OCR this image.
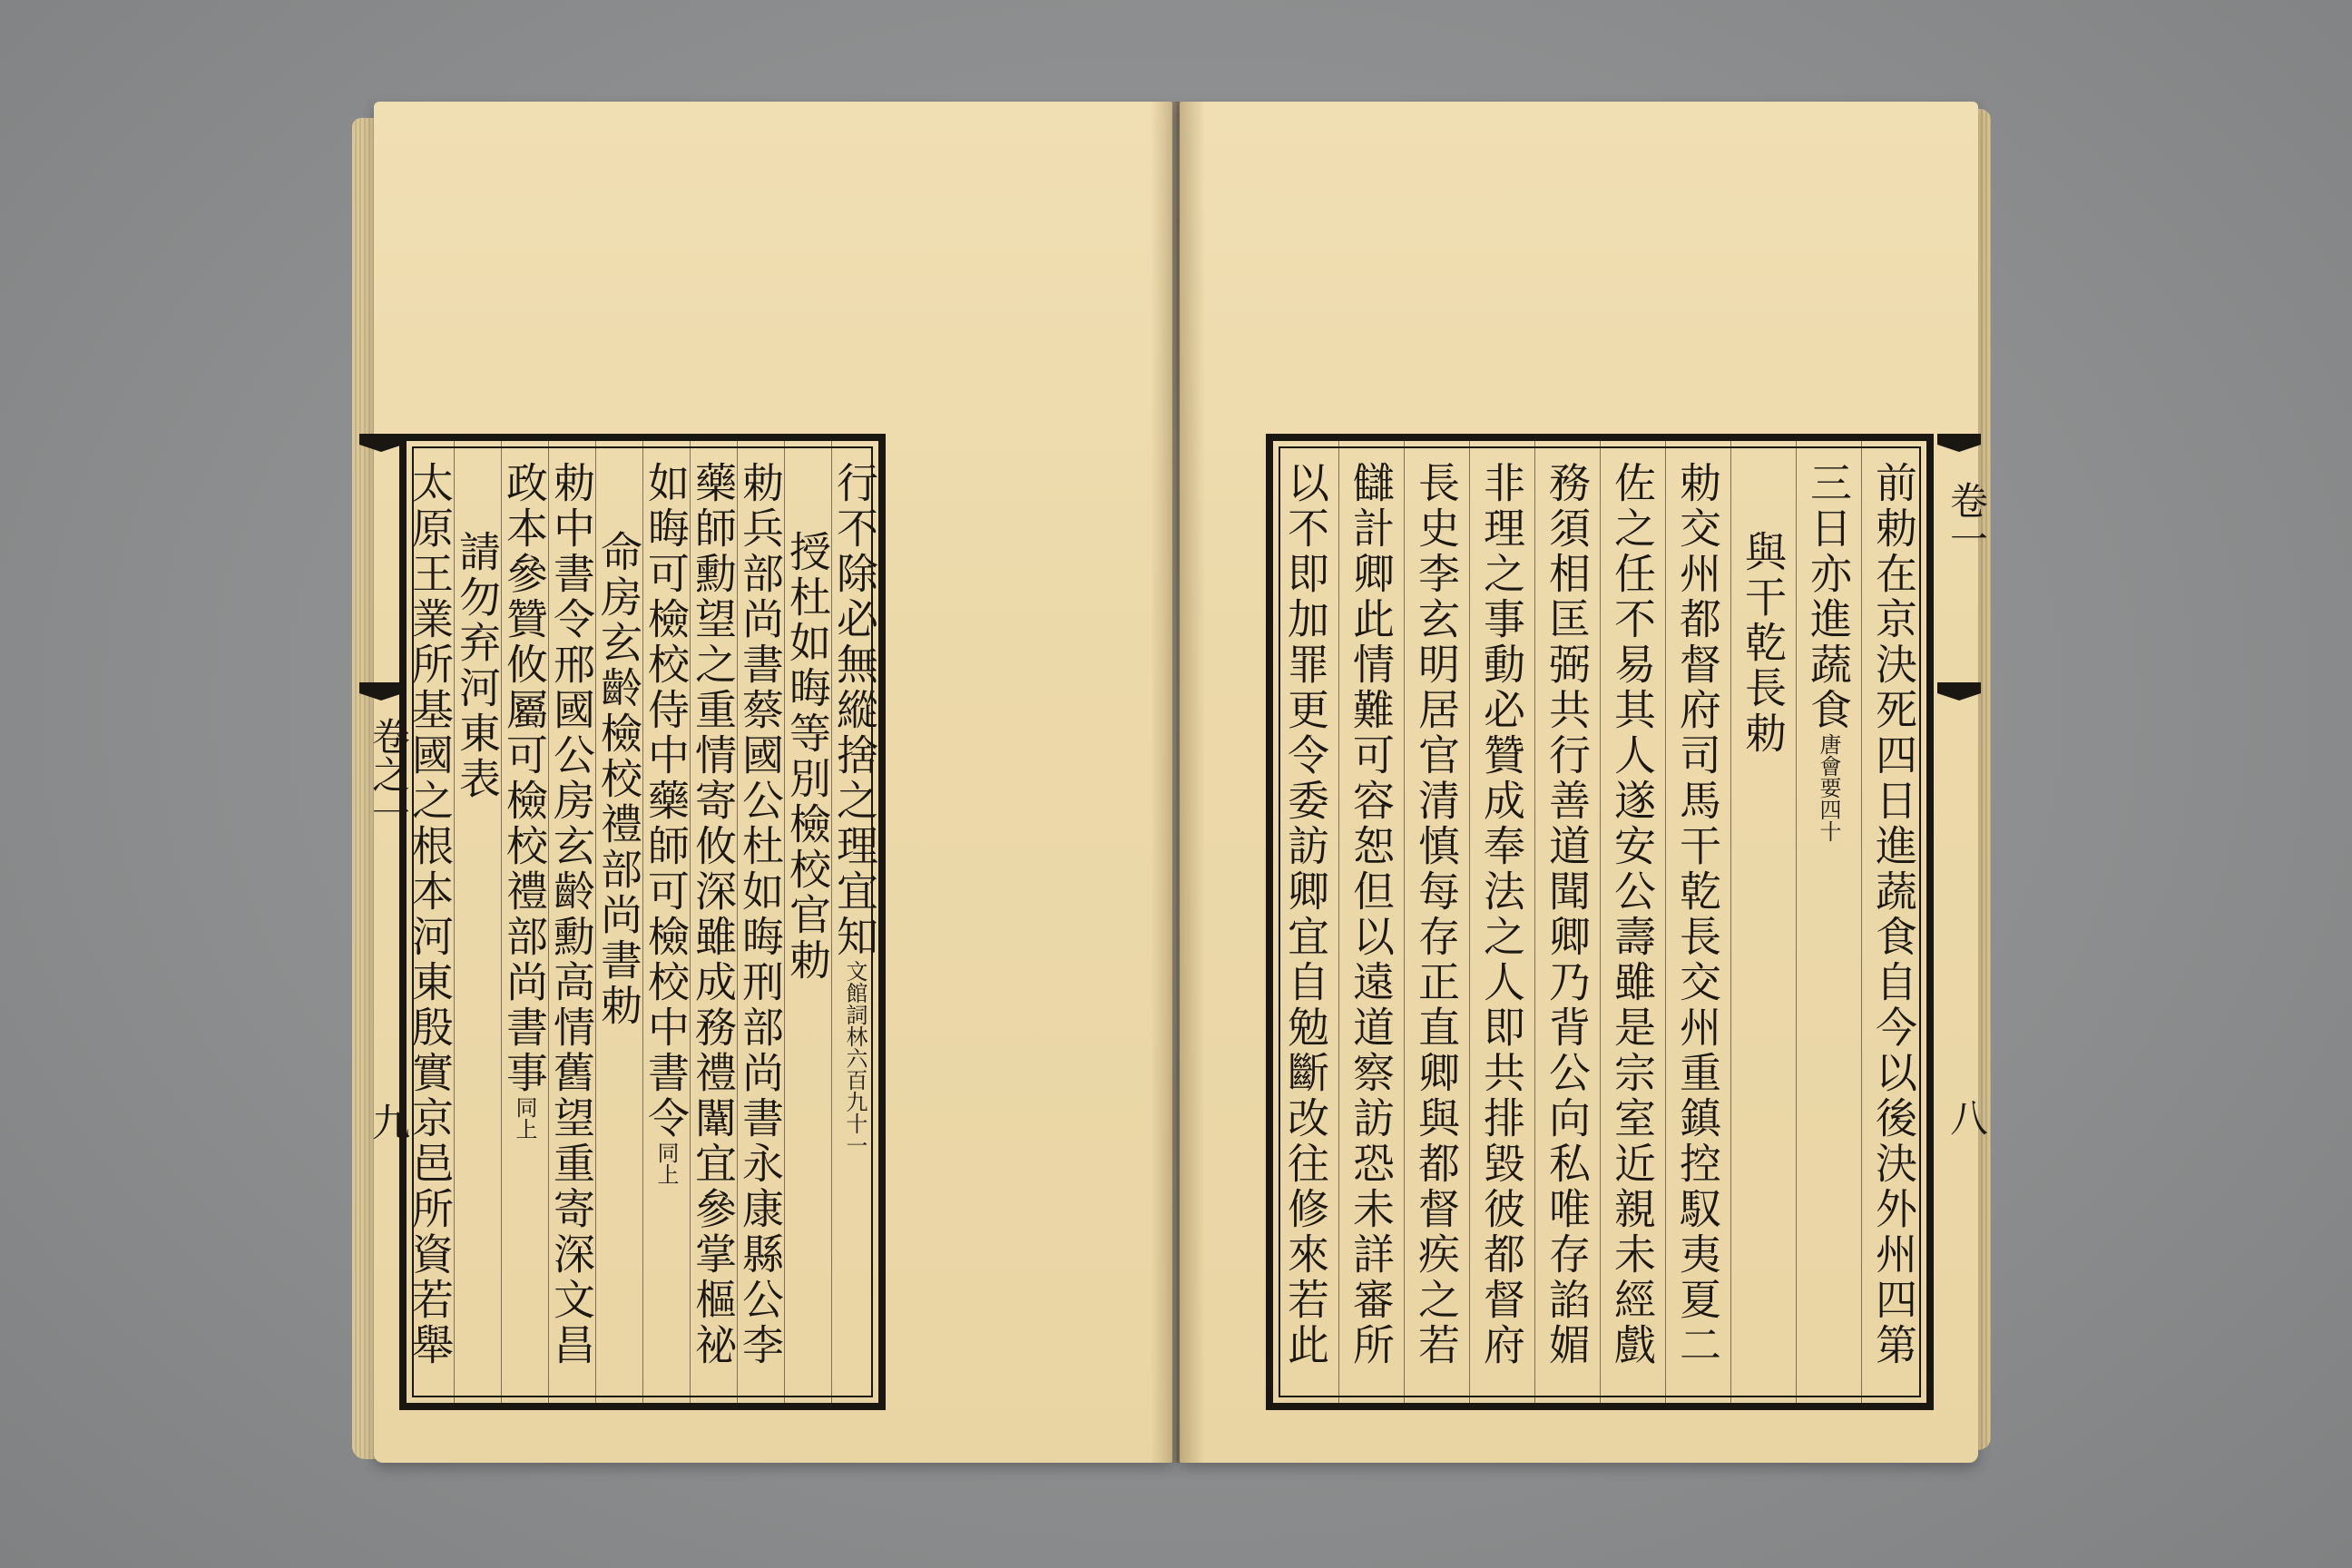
卷之一
九
卷一
八
行不除必無縱捨之理宜知文館詞林六百九十一
授杜如晦等別檢校官勅
勅兵部尚書蔡國公杜如晦刑部尚書永康縣公李
藥師勳望之重情寄攸深雖成務禮闈宜參掌樞祕
如晦可檢校侍中藥師可檢校中書令同上
命房玄齡檢校禮部尚書勅
勅中書令邢國公房玄齡勳高情舊望重寄深文昌
政本參贊攸屬可檢校禮部尚書事同上
請勿弃河東表
太原王業所基國之根本河東殷實京邑所資若舉	前勅在京決死四日進蔬食自今以後決外州四第
三日亦進蔬食唐會要四十
與干乾長勅
勅交州都督府司馬干乾長交州重鎮控馭夷夏二
佐之任不易其人遂安公壽雖是宗室近親未經戲
務須相匡弼共行善道聞卿乃背公向私唯存諂媚
非理之事動必贊成奉法之人即共排毀彼都督府
長史李玄明居官清慎每存正直卿與都督疾之若
讎計卿此情難可容恕但以遠道察訪恐未詳審所
以不即加罪更令委訪卿宜自勉斷改往修來若此
